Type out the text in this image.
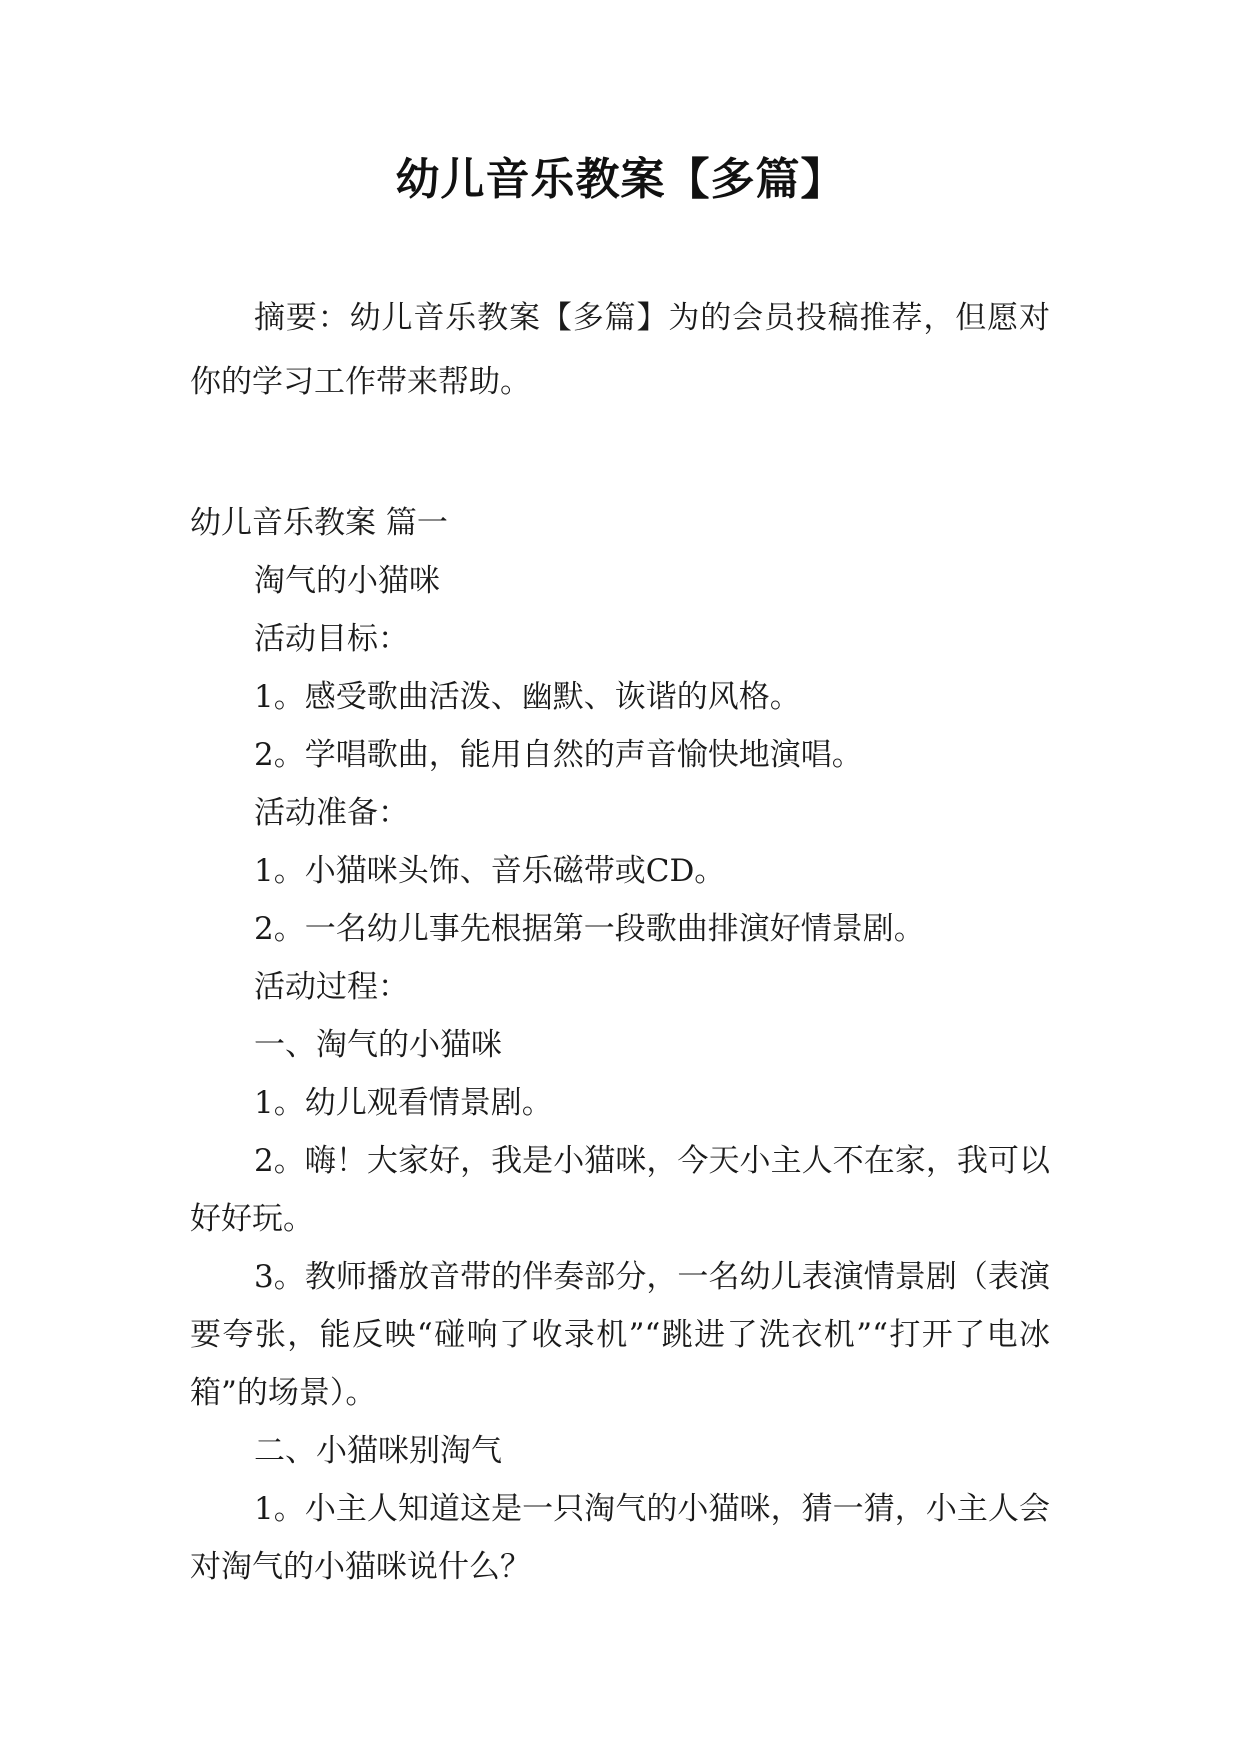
幼儿音乐教案【多篇】

摘要：幼儿音乐教案【多篇】为的会员投稿推荐，但愿对你的学习工作带来帮助。

幼儿音乐教案 篇一

淘气的小猫咪

活动目标：

1。感受歌曲活泼、幽默、诙谐的风格。

2。学唱歌曲，能用自然的声音愉快地演唱。

活动准备：

1。小猫咪头饰、音乐磁带或CD。

2。一名幼儿事先根据第一段歌曲排演好情景剧。

活动过程：

一、淘气的小猫咪

1。幼儿观看情景剧。

2。嗨！大家好，我是小猫咪，今天小主人不在家，我可以好好玩。

3。教师播放音带的伴奏部分，一名幼儿表演情景剧（表演要夸张，能反映“碰响了收录机”“跳进了洗衣机”“打开了电冰箱”的场景）。

二、小猫咪别淘气

1。小主人知道这是一只淘气的小猫咪，猜一猜，小主人会对淘气的小猫咪说什么？
